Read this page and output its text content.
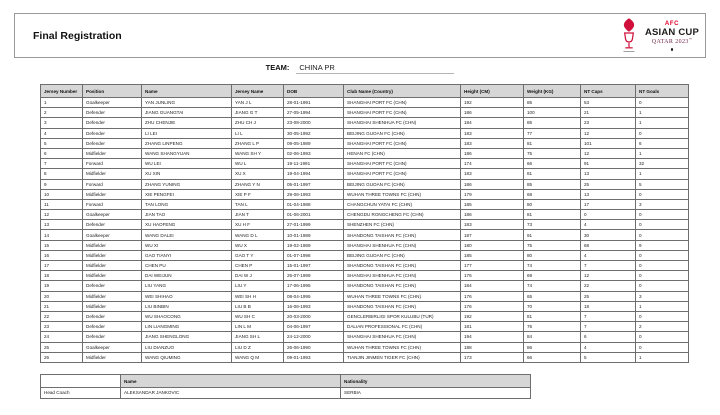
Final Registration
AFC
ASIAN CUP
QATAR 2023™
TEAM: CHINA PR
Jersey Number	Position	Name	Jersey Name	DOB	Club Name (Country)	Height (CM)	Weight (KG)	NT Caps	NT Goals
1	Goalkeeper	YAN JUNLING	YAN J L	28-01-1991	SHANGHAI PORT FC (CHN)	192	85	53	0
2	Defender	JIANG GUANGTAI	JIANG G T	27-05-1994	SHANGHAI PORT FC (CHN)	186	100	21	1
3	Defender	ZHU CHENJIE	ZHU CH J	23-08-2000	SHANGHAI SHENHUA FC (CHN)	184	85	23	1
4	Defender	LI LEI	LI L	30-05-1992	BEIJING GUOAN FC (CHN)	183	77	12	0
5	Defender	ZHANG LINPENG	ZHANG L P	09-05-1989	SHANGHAI PORT FC (CHN)	183	81	101	6
6	Midfielder	WANG SHANGYUAN	WANG SH Y	02-06-1993	HENAN FC (CHN)	186	75	12	1
7	Forward	WU LEI	WU L	19-11-1991	SHANGHAI PORT FC (CHN)	174	66	91	32
8	Midfielder	XU XIN	XU X	19-04-1994	SHANGHAI PORT FC (CHN)	183	81	13	1
9	Forward	ZHANG YUNING	ZHANG Y N	05-01-1997	BEIJING GUOAN FC (CHN)	186	85	25	5
10	Midfielder	XIE PENGFEI	XIE P F	29-06-1993	WUHAN THREE TOWNS FC (CHN)	179	68	13	0
11	Forward	TAN LONG	TAN L	01-04-1988	CHANGCHUN YATAI FC (CHN)	185	80	17	3
12	Goalkeeper	JIAN TAO	JIAN T	01-06-2001	CHENGDU RONGCHENG FC (CHN)	186	81	0	0
13	Defender	XU HAOFENG	XU H F	27-01-1999	SHENZHEN FC (CHN)	183	73	4	0
14	Goalkeeper	WANG DALEI	WANG D L	10-01-1989	SHANDONG TAISHAN FC (CHN)	187	91	30	0
15	Midfielder	WU XI	WU X	19-02-1989	SHANGHAI SHENHUA FC (CHN)	180	75	68	9
16	Midfielder	GAO TIANYI	GAO T Y	01-07-1998	BEIJING GUOAN FC (CHN)	185	80	4	0
17	Midfielder	CHEN PU	CHEN P	15-01-1997	SHANDONG TAISHAN FC (CHN)	177	74	7	0
18	Midfielder	DAI WEIJUN	DAI W J	25-07-1999	SHANGHAI SHENHUA FC (CHN)	176	69	12	0
19	Defender	LIU YANG	LIU Y	17-06-1995	SHANDONG TAISHAN FC (CHN)	184	74	22	0
20	Midfielder	WEI SHIHAO	WEI SH H	08-04-1995	WUHAN THREE TOWNS FC (CHN)	176	65	25	3
21	Midfielder	LIU BINBIN	LIU B B	16-06-1993	SHANDONG TAISHAN FC (CHN)	176	70	18	1
22	Defender	WU SHAOCONG	WU SH C	20-03-2000	GENCLERBIRLIGI SPOR KULUBU (TUR)	192	81	7	0
23	Defender	LIN LIANGMING	LIN L M	04-06-1997	DALIAN PROFESSIONAL FC (CHN)	181	76	7	2
24	Defender	JIANG SHENGLONG	JIANG SH L	24-12-2000	SHANGHAI SHENHUA FC (CHN)	194	84	6	0
25	Goalkeeper	LIU DIANZUO	LIU D Z	26-06-1990	WUHAN THREE TOWNS FC (CHN)	188	86	4	0
26	Midfielder	WANG QIUMING	WANG Q M	09-01-1993	TIANJIN JINMEN TIGER FC (CHN)	173	66	5	1
	Name	Nationality
Head Coach	ALEKSANDAR JANKOVIC	SERBIA
